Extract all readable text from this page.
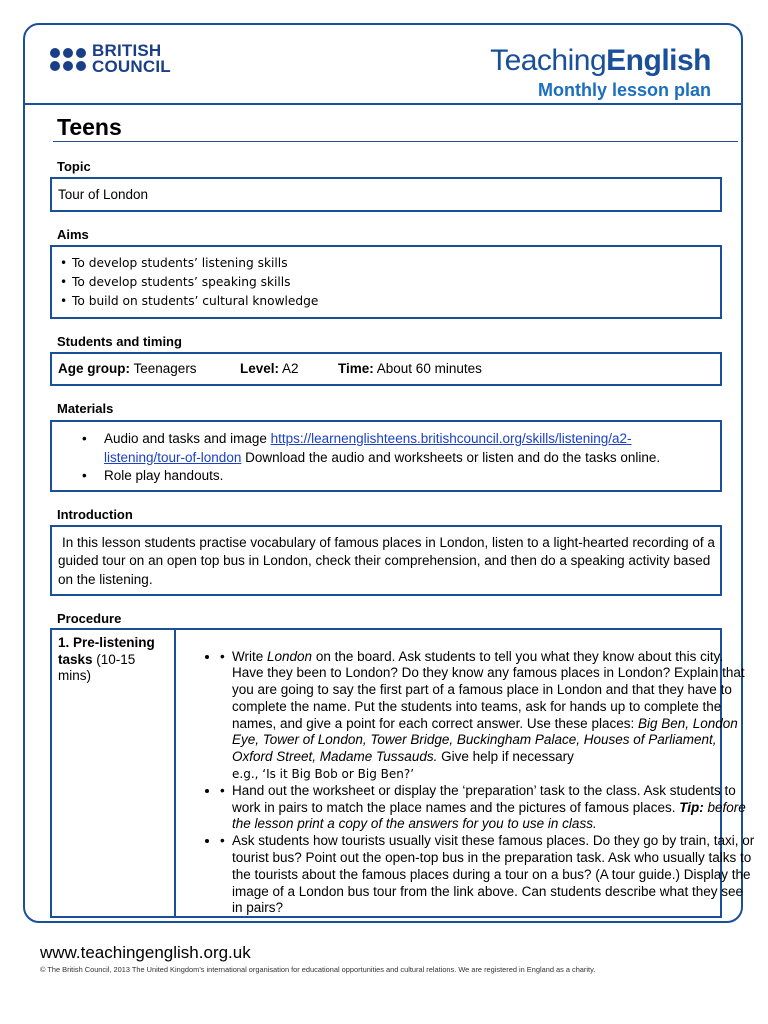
BRITISH
COUNCIL	TeachingEnglish
Monthly lesson plan
Teens
Topic
Tour of London
Aims
• To develop students’ listening skills
• To develop students’ speaking skills
• To build on students’ cultural knowledge
Students and timing
Age group: Teenagers	Level: A2	Time: About 60 minutes
Materials
• Audio and tasks and image https://learnenglishteens.britishcouncil.org/skills/listening/a2-listening/tour-of-london Download the audio and worksheets or listen and do the tasks online.
• Role play handouts.
Introduction
In this lesson students practise vocabulary of famous places in London, listen to a light-hearted recording of a guided tour on an open top bus in London, check their comprehension, and then do a speaking activity based on the listening.
Procedure
1. Pre-listening tasks (10-15 mins)
• • Write London on the board. Ask students to tell you what they know about this city. Have they been to London? Do they know any famous places in London? Explain that you are going to say the first part of a famous place in London and that they have to complete the name. Put the students into teams, ask for hands up to complete the names, and give a point for each correct answer. Use these places: Big Ben, London Eye, Tower of London, Tower Bridge, Buckingham Palace, Houses of Parliament, Oxford Street, Madame Tussauds. Give help if necessary
e.g., ‘Is it Big Bob or Big Ben?’
• • Hand out the worksheet or display the ‘preparation’ task to the class. Ask students to work in pairs to match the place names and the pictures of famous places. Tip: before the lesson print a copy of the answers for you to use in class.
• • Ask students how tourists usually visit these famous places. Do they go by train, taxi, or tourist bus? Point out the open-top bus in the preparation task. Ask who usually talks to the tourists about the famous places during a tour on a bus? (A tour guide.) Display the image of a London bus tour from the link above. Can students describe what they see in pairs?
www.teachingenglish.org.uk
© The British Council, 2013 The United Kingdom’s international organisation for educational opportunities and cultural relations. We are registered in England as a charity.
